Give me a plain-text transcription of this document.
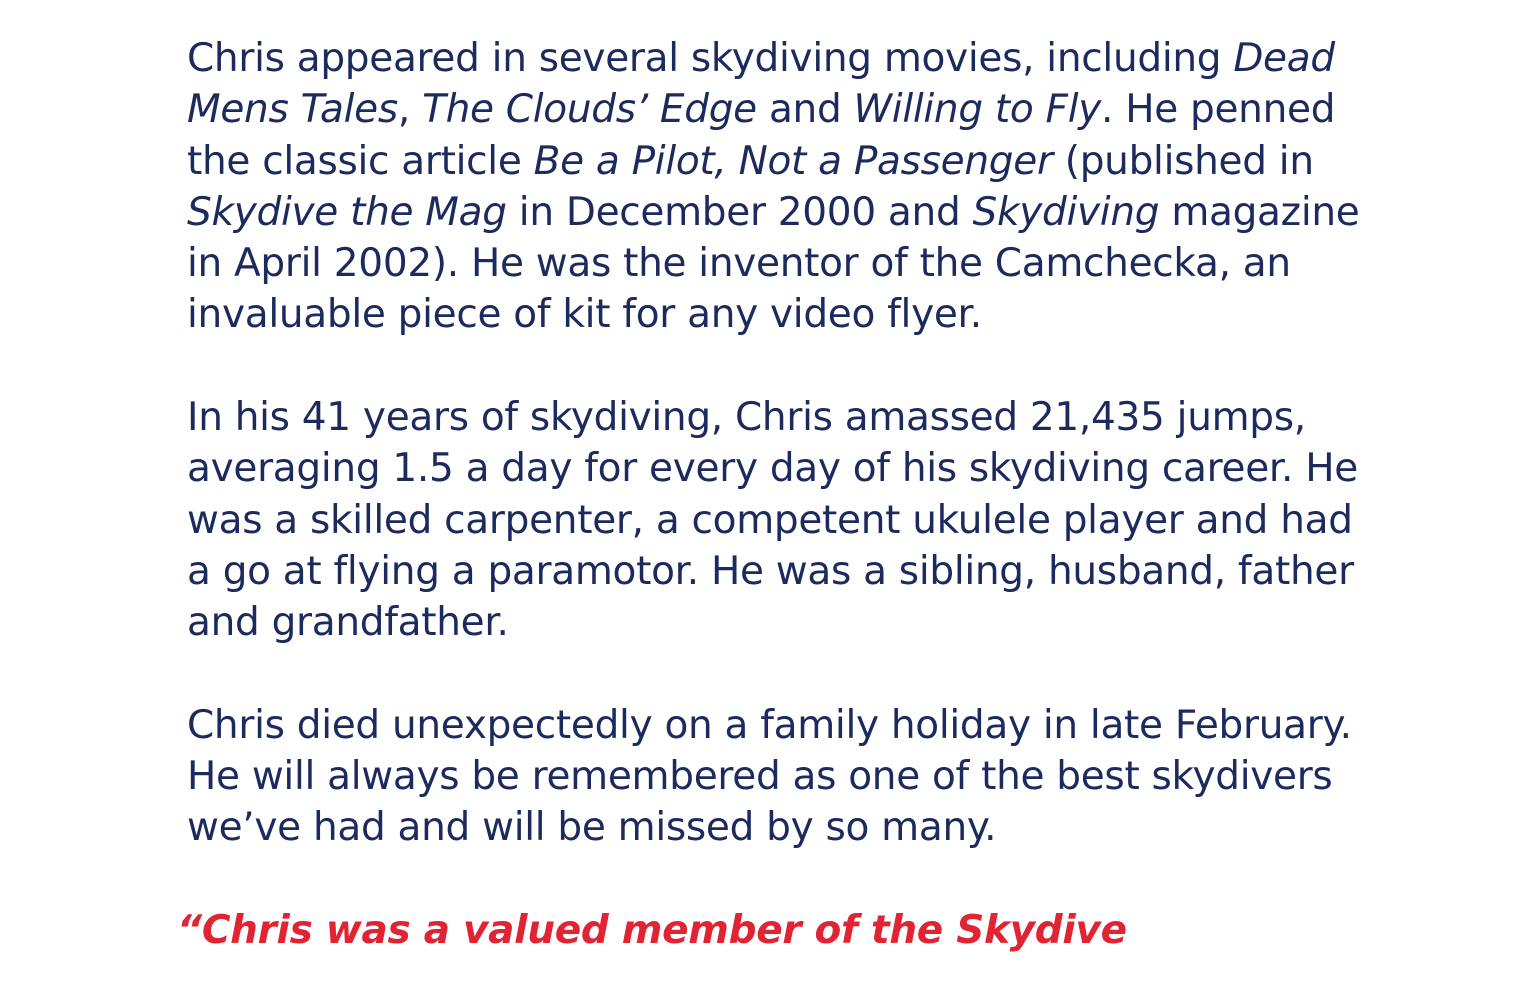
Chris appeared in several skydiving movies, including Dead Mens Tales, The Clouds’ Edge and Willing to Fly. He penned the classic article Be a Pilot, Not a Passenger (published in Skydive the Mag in December 2000 and Skydiving magazine in April 2002). He was the inventor of the Camchecka, an invaluable piece of kit for any video flyer.

In his 41 years of skydiving, Chris amassed 21,435 jumps, averaging 1.5 a day for every day of his skydiving career. He was a skilled carpenter, a competent ukulele player and had a go at flying a paramotor. He was a sibling, husband, father and grandfather.

Chris died unexpectedly on a family holiday in late February. He will always be remembered as one of the best skydivers we’ve had and will be missed by so many.

“Chris was a valued member of the Skydive
